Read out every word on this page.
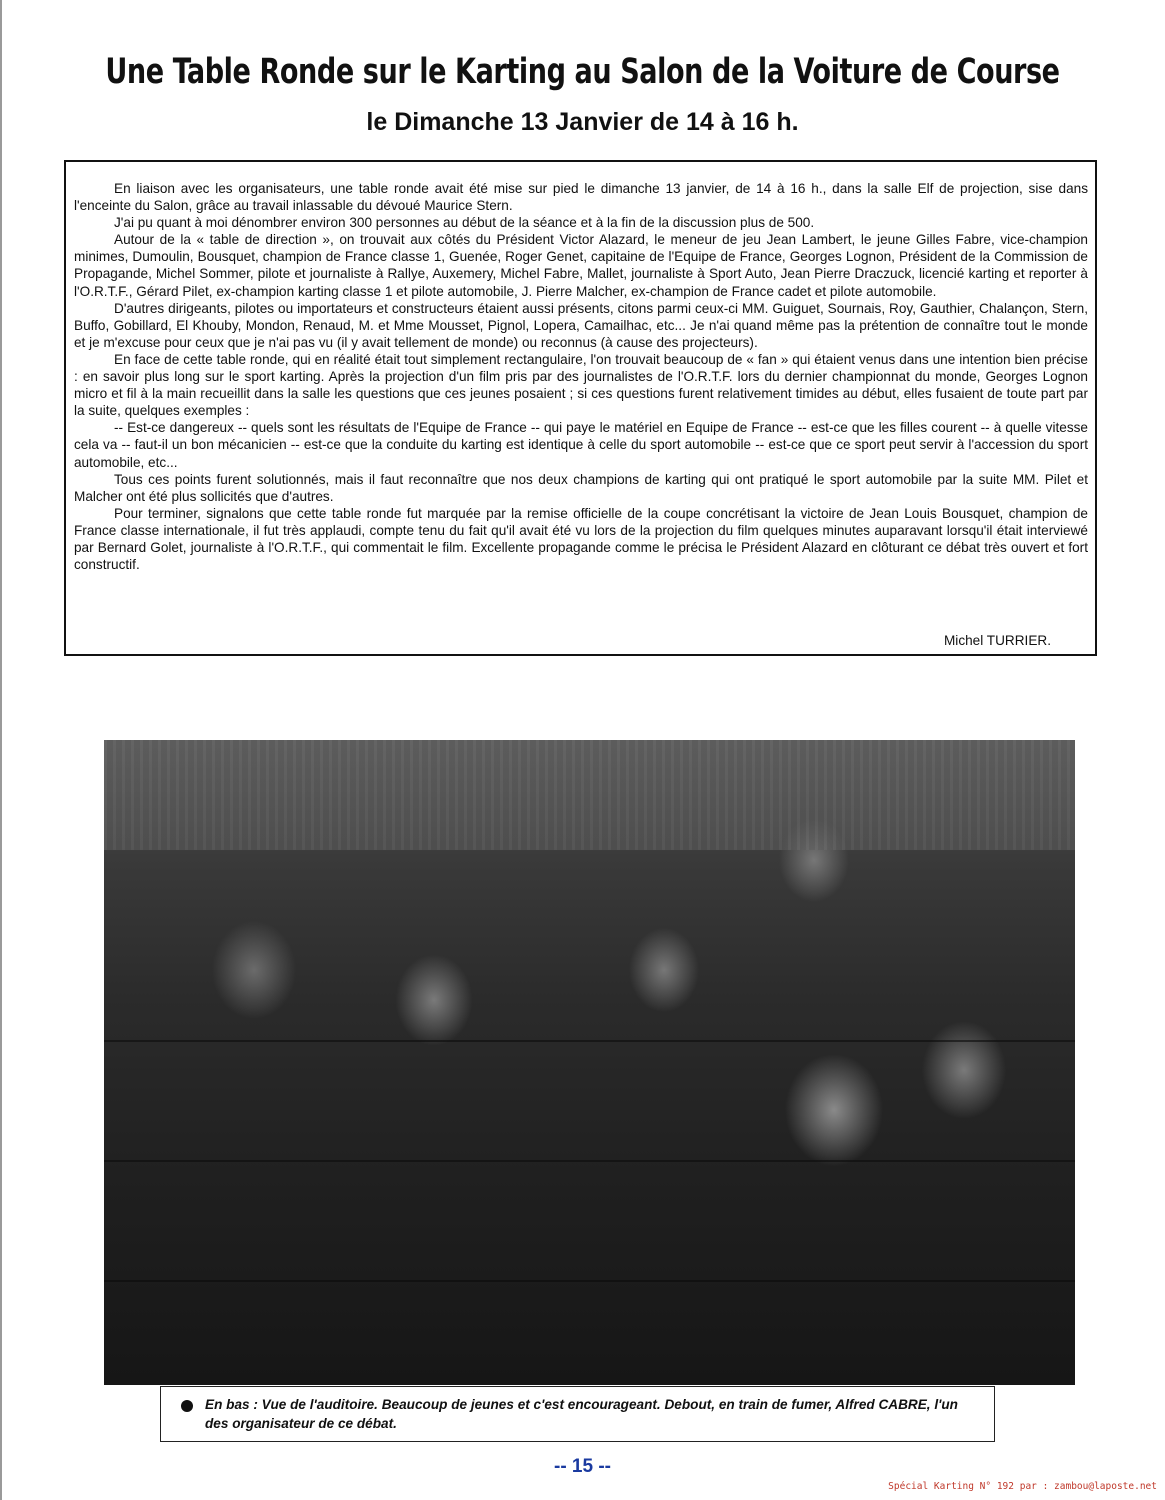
Une Table Ronde sur le Karting au Salon de la Voiture de Course
le Dimanche 13 Janvier de 14 à 16 h.

En liaison avec les organisateurs, une table ronde avait été mise sur pied le dimanche 13 janvier, de 14 à 16 h., dans la salle Elf de projection, sise dans l'enceinte du Salon, grâce au travail inlassable du dévoué Maurice Stern.

J'ai pu quant à moi dénombrer environ 300 personnes au début de la séance et à la fin de la discussion plus de 500.

Autour de la « table de direction », on trouvait aux côtés du Président Victor Alazard, le meneur de jeu Jean Lambert, le jeune Gilles Fabre, vice-champion minimes, Dumoulin, Bousquet, champion de France classe 1, Guenée, Roger Genet, capitaine de l'Equipe de France, Georges Lognon, Président de la Commission de Propagande, Michel Sommer, pilote et journaliste à Rallye, Auxemery, Michel Fabre, Mallet, journaliste à Sport Auto, Jean Pierre Draczuck, licencié karting et reporter à l'O.R.T.F., Gérard Pilet, ex-champion karting classe 1 et pilote automobile, J. Pierre Malcher, ex-champion de France cadet et pilote automobile.

D'autres dirigeants, pilotes ou importateurs et constructeurs étaient aussi présents, citons parmi ceux-ci MM. Guiguet, Sournais, Roy, Gauthier, Chalançon, Stern, Buffo, Gobillard, El Khouby, Mondon, Renaud, M. et Mme Mousset, Pignol, Lopera, Camailhac, etc... Je n'ai quand même pas la prétention de connaître tout le monde et je m'excuse pour ceux que je n'ai pas vu (il y avait tellement de monde) ou reconnus (à cause des projecteurs).

En face de cette table ronde, qui en réalité était tout simplement rectangulaire, l'on trouvait beaucoup de « fan » qui étaient venus dans une intention bien précise : en savoir plus long sur le sport karting. Après la projection d'un film pris par des journalistes de l'O.R.T.F. lors du dernier championnat du monde, Georges Lognon micro et fil à la main recueillit dans la salle les questions que ces jeunes posaient ; si ces questions furent relativement timides au début, elles fusaient de toute part par la suite, quelques exemples :

-- Est-ce dangereux -- quels sont les résultats de l'Equipe de France -- qui paye le matériel en Equipe de France -- est-ce que les filles courent -- à quelle vitesse cela va -- faut-il un bon mécanicien -- est-ce que la conduite du karting est identique à celle du sport automobile -- est-ce que ce sport peut servir à l'accession du sport automobile, etc...

Tous ces points furent solutionnés, mais il faut reconnaître que nos deux champions de karting qui ont pratiqué le sport automobile par la suite MM. Pilet et Malcher ont été plus sollicités que d'autres.

Pour terminer, signalons que cette table ronde fut marquée par la remise officielle de la coupe concrétisant la victoire de Jean Louis Bousquet, champion de France classe internationale, il fut très applaudi, compte tenu du fait qu'il avait été vu lors de la projection du film quelques minutes auparavant lorsqu'il était interviewé par Bernard Golet, journaliste à l'O.R.T.F., qui commentait le film. Excellente propagande comme le précisa le Président Alazard en clôturant ce débat très ouvert et fort constructif.

Michel TURRIER.
En bas : Vue de l'auditoire. Beaucoup de jeunes et c'est encourageant. Debout, en train de fumer, Alfred CABRE, l'un des organisateur de ce débat.
-- 15 --
Spécial Karting N° 192 par : zambou@laposte.net
